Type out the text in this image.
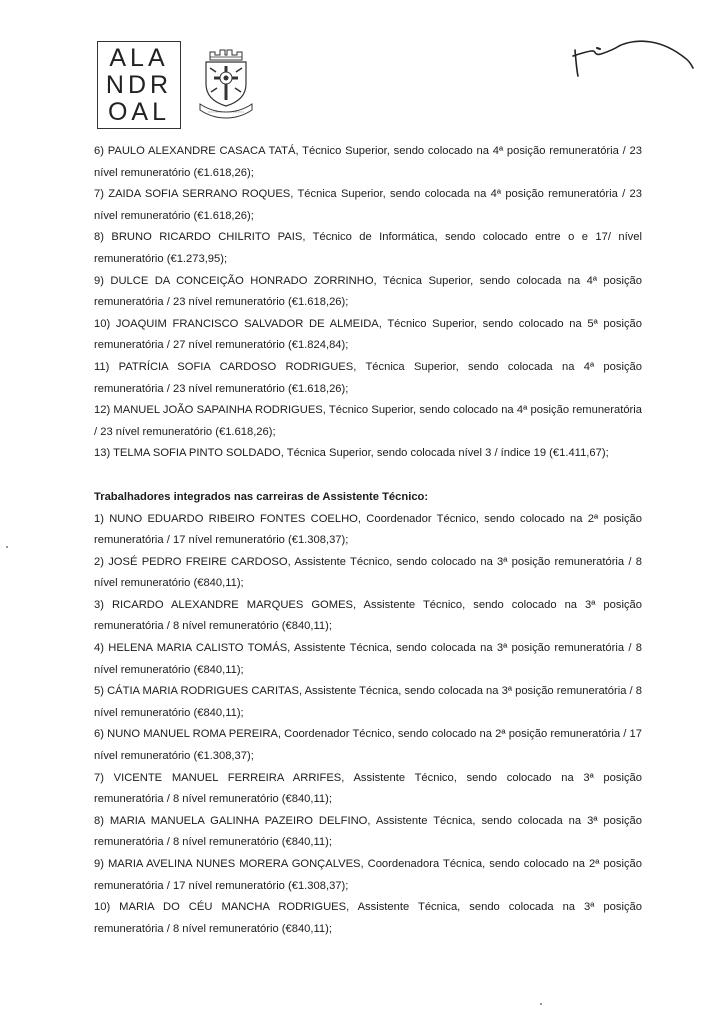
ALA
NDR
OAL

6) PAULO ALEXANDRE CASACA TATÁ, Técnico Superior, sendo colocado na 4ª posição remuneratória / 23 nível remuneratório (€1.618,26);

7) ZAIDA SOFIA SERRANO ROQUES, Técnica Superior, sendo colocada na 4ª posição remuneratória / 23 nível remuneratório (€1.618,26);

8) BRUNO RICARDO CHILRITO PAIS, Técnico de Informática, sendo colocado entre o e 17/ nível remuneratório (€1.273,95);

9) DULCE DA CONCEIÇÃO HONRADO ZORRINHO, Técnica Superior, sendo colocada na 4ª posição remuneratória / 23 nível remuneratório (€1.618,26);

10) JOAQUIM FRANCISCO SALVADOR DE ALMEIDA, Técnico Superior, sendo colocado na 5ª posição remuneratória / 27 nível remuneratório (€1.824,84);

11) PATRÍCIA SOFIA CARDOSO RODRIGUES, Técnica Superior, sendo colocada na 4ª posição remuneratória / 23 nível remuneratório (€1.618,26);

12) MANUEL JOÃO SAPAINHA RODRIGUES, Técnico Superior, sendo colocado na 4ª posição remuneratória / 23 nível remuneratório (€1.618,26);

13) TELMA SOFIA PINTO SOLDADO, Técnica Superior, sendo colocada nível 3 / índice 19 (€1.411,67);

Trabalhadores integrados nas carreiras de Assistente Técnico:

1) NUNO EDUARDO RIBEIRO FONTES COELHO, Coordenador Técnico, sendo colocado na 2ª posição remuneratória / 17 nível remuneratório (€1.308,37);

2) JOSÉ PEDRO FREIRE CARDOSO, Assistente Técnico, sendo colocado na 3ª posição remuneratória / 8 nível remuneratório (€840,11);

3) RICARDO ALEXANDRE MARQUES GOMES, Assistente Técnico, sendo colocado na 3ª posição remuneratória / 8 nível remuneratório (€840,11);

4) HELENA MARIA CALISTO TOMÁS, Assistente Técnica, sendo colocada na 3ª posição remuneratória / 8 nível remuneratório (€840,11);

5) CÁTIA MARIA RODRIGUES CARITAS, Assistente Técnica, sendo colocada na 3ª posição remuneratória / 8 nível remuneratório (€840,11);

6) NUNO MANUEL ROMA PEREIRA, Coordenador Técnico, sendo colocado na 2ª posição remuneratória / 17 nível remuneratório (€1.308,37);

7) VICENTE MANUEL FERREIRA ARRIFES, Assistente Técnico, sendo colocado na 3ª posição remuneratória / 8 nível remuneratório (€840,11);

8) MARIA MANUELA GALINHA PAZEIRO DELFINO, Assistente Técnica, sendo colocada na 3ª posição remuneratória / 8 nível remuneratório (€840,11);

9) MARIA AVELINA NUNES MORERA GONÇALVES, Coordenadora Técnica, sendo colocado na 2ª posição remuneratória / 17 nível remuneratório (€1.308,37);

10) MARIA DO CÉU MANCHA RODRIGUES, Assistente Técnica, sendo colocada na 3ª posição remuneratória / 8 nível remuneratório (€840,11);
